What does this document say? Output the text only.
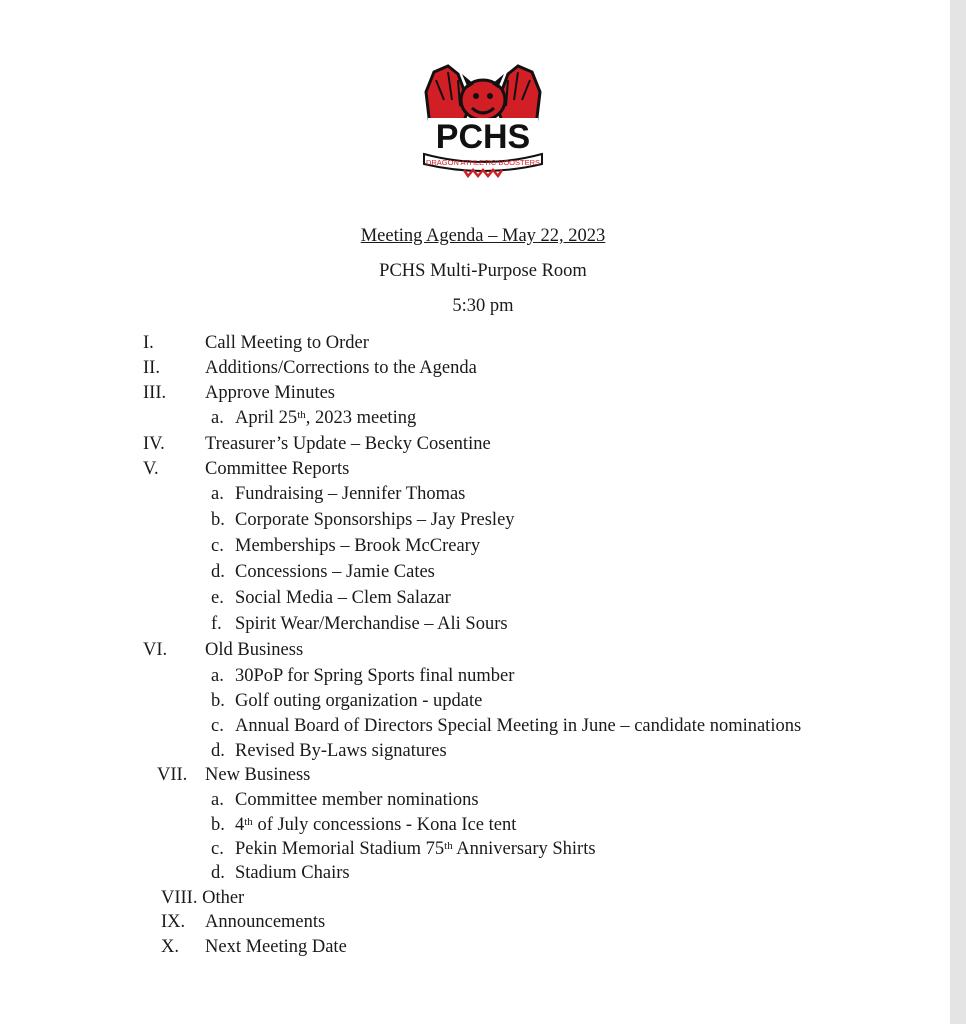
PCHS
DRAGON ATHLETIC BOOSTERS
Meeting Agenda – May 22, 2023
PCHS Multi-Purpose Room
5:30 pm
I.	Call Meeting to Order
II. Additions/Corrections to the Agenda
III. Approve Minutes
a. April 25th, 2023 meeting
IV. Treasurer’s Update – Becky Cosentine
V.	Committee Reports
a. Fundraising – Jennifer Thomas
b. Corporate Sponsorships – Jay Presley
c. Memberships – Brook McCreary
d. Concessions – Jamie Cates
e. Social Media – Clem Salazar
f. Spirit Wear/Merchandise – Ali Sours
VI. Old Business
a. 30PoP for Spring Sports final number
b. Golf outing organization - update
c. Annual Board of Directors Special Meeting in June – candidate nominations
d. Revised By-Laws signatures
VII. New Business
a. Committee member nominations
b. 4th of July concessions - Kona Ice tent
c. Pekin Memorial Stadium 75th Anniversary Shirts
d. Stadium Chairs
VIII. Other
IX. Announcements
X. Next Meeting Date
